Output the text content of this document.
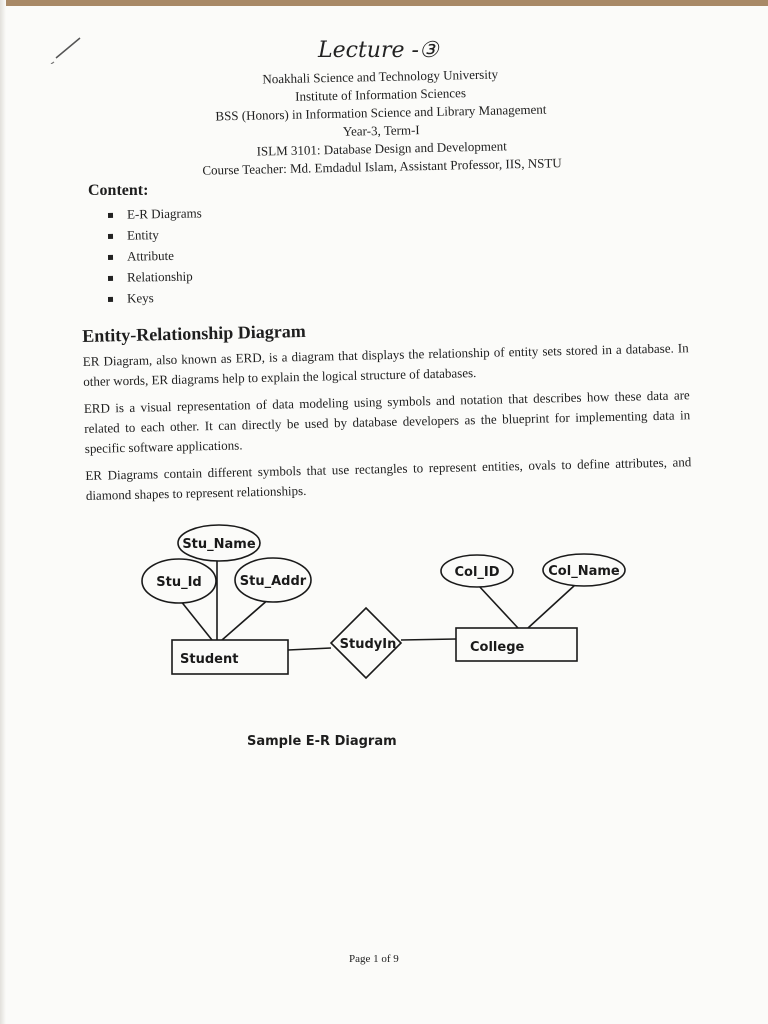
Lecture -③
Noakhali Science and Technology University
Institute of Information Sciences
BSS (Honors) in Information Science and Library Management
Year-3, Term-I
ISLM 3101: Database Design and Development
Course Teacher: Md. Emdadul Islam, Assistant Professor, IIS, NSTU
Content:
E-R Diagrams
Entity
Attribute
Relationship
Keys
Entity-Relationship Diagram

ER Diagram, also known as ERD, is a diagram that displays the relationship of entity sets stored in a database. In other words, ER diagrams help to explain the logical structure of databases.

ERD is a visual representation of data modeling using symbols and notation that describes how these data are related to each other. It can directly be used by database developers as the blueprint for implementing data in specific software applications.

ER Diagrams contain different symbols that use rectangles to represent entities, ovals to define attributes, and diamond shapes to represent relationships.

Stu_Name
Stu_Id	Stu_Addr
Col_ID	Col_Name
Student
College
StudyIn
Sample E-R Diagram
Page 1 of 9
